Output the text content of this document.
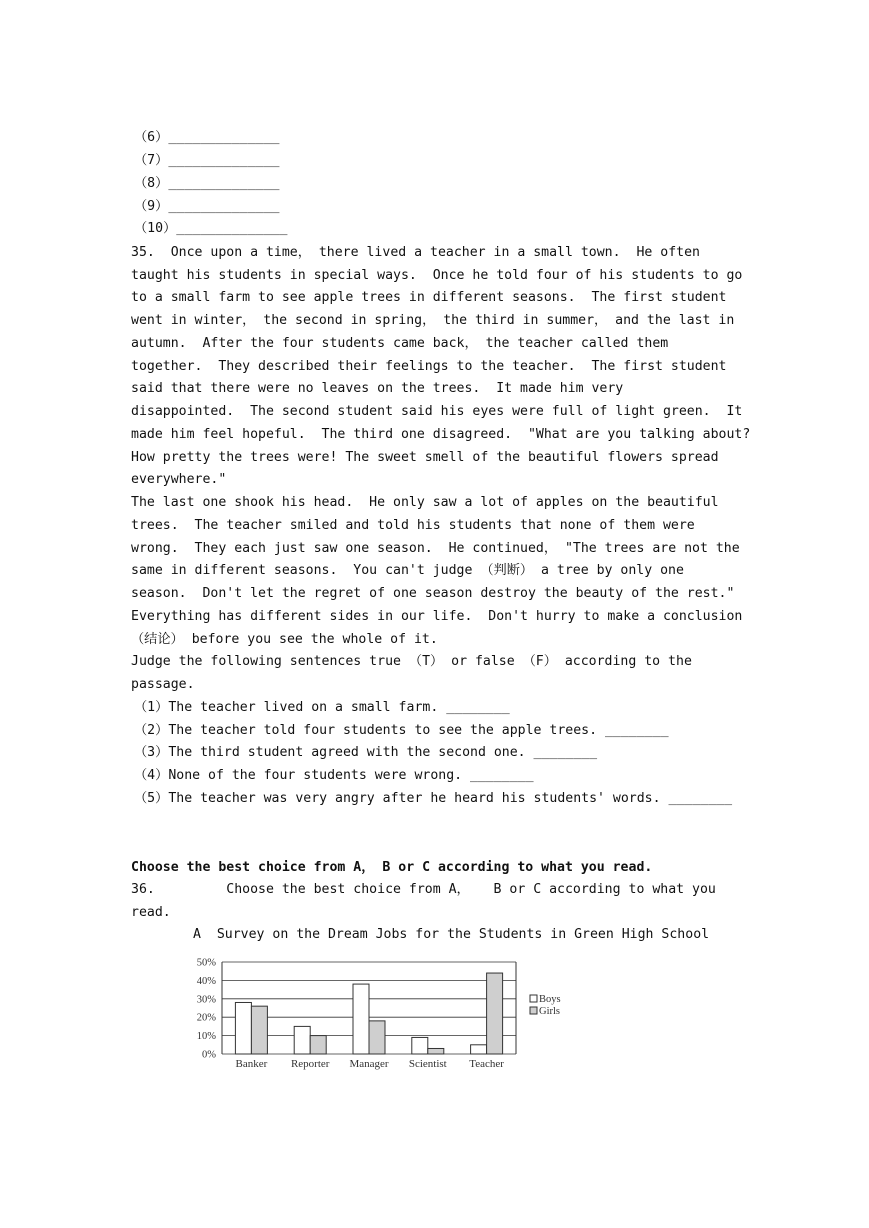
（6）______________
（7）______________
（8）______________
（9）______________
（10）______________
35.  Once upon a time， there lived a teacher in a small town.  He often
taught his students in special ways.  Once he told four of his students to go
to a small farm to see apple trees in different seasons.  The first student
went in winter， the second in spring， the third in summer， and the last in
autumn.  After the four students came back， the teacher called them
together.  They described their feelings to the teacher.  The first student
said that there were no leaves on the trees.  It made him very
disappointed.  The second student said his eyes were full of light green.  It
made him feel hopeful.  The third one disagreed.  "What are you talking about?
How pretty the trees were! The sweet smell of the beautiful flowers spread
everywhere."
The last one shook his head.  He only saw a lot of apples on the beautiful
trees.  The teacher smiled and told his students that none of them were
wrong.  They each just saw one season.  He continued， "The trees are not the
same in different seasons.  You can't judge （判断） a tree by only one
season.  Don't let the regret of one season destroy the beauty of the rest."
Everything has different sides in our life.  Don't hurry to make a conclusion
（结论） before you see the whole of it.
Judge the following sentences true （T） or false （F） according to the
passage.
（1）The teacher lived on a small farm. ________
（2）The teacher told four students to see the apple trees. ________
（3）The third student agreed with the second one. ________
（4）None of the four students were wrong. ________
（5）The teacher was very angry after he heard his students' words. ________
Choose the best choice from A， B or C according to what you read.
36.         Choose the best choice from A，   B or C according to what you
read.
A  Survey on the Dream Jobs for the Students in Green High School
0%
10%
20%
30%
40%
50%
Banker Reporter Manager Scientist Teacher
Boys
Girls
